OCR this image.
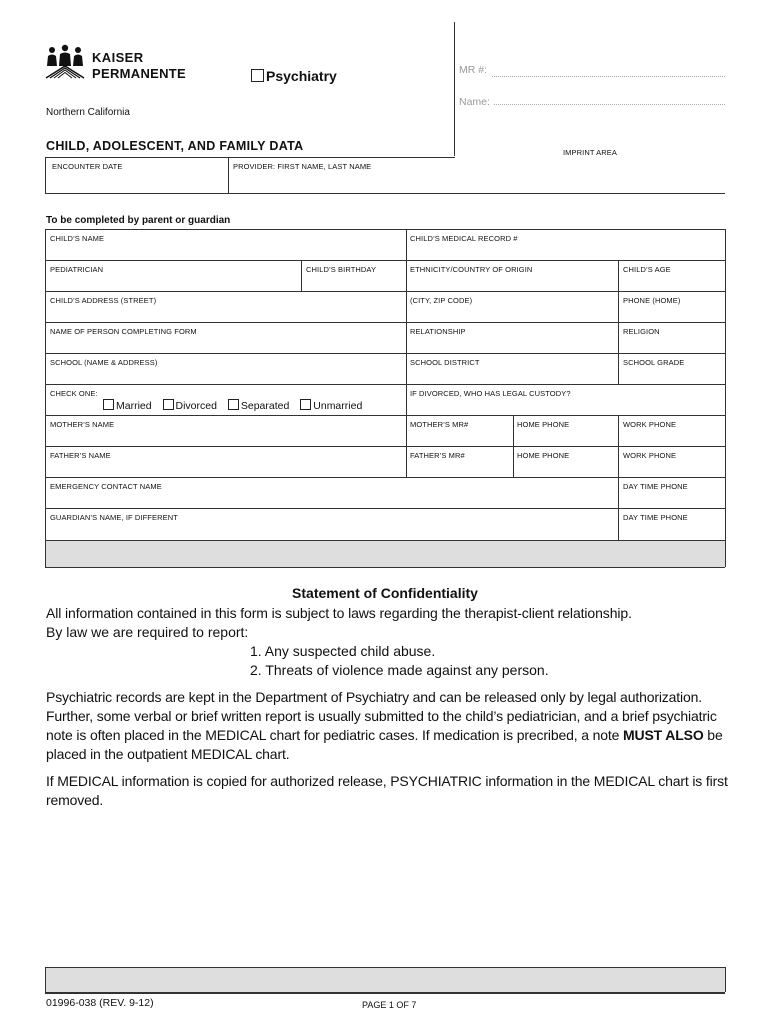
KAISER
PERMANENTE
Northern California
Psychiatry	MR #:
Name:
CHILD, ADOLESCENT, AND FAMILY DATA	IMPRINT AREA
ENCOUNTER DATE	PROVIDER: FIRST NAME, LAST NAME
To be completed by parent or guardian
CHILD’S NAME	CHILD’S MEDICAL RECORD #
PEDIATRICIAN	CHILD’S BIRTHDAY	ETHNICITY/COUNTRY OF ORIGIN	CHILD’S AGE
CHILD’S ADDRESS (STREET)	(CITY, ZIP CODE)	PHONE (HOME)
NAME OF PERSON COMPLETING FORM	RELATIONSHIP	RELIGION
SCHOOL (NAME & ADDRESS)	SCHOOL DISTRICT	SCHOOL GRADE
CHECK ONE:	IF DIVORCED, WHO HAS LEGAL CUSTODY?
Married Divorced Separated Unmarried
MOTHER’S NAME	MOTHER’S MR#	HOME PHONE	WORK PHONE
FATHER’S NAME	FATHER’S MR#	HOME PHONE	WORK PHONE
EMERGENCY CONTACT NAME	DAY TIME PHONE
GUARDIAN’S NAME, IF DIFFERENT	DAY TIME PHONE
Statement of Confidentiality

All information contained in this form is subject to laws regarding the therapist-client relationship.

By law we are required to report:

1. Any suspected child abuse.

2. Threats of violence made against any person.

Psychiatric records are kept in the Department of Psychiatry and can be released only by legal authorization. Further, some verbal or brief written report is usually submitted to the child’s pediatrician, and a brief psychiatric note is often placed in the MEDICAL chart for pediatric cases. If medication is precribed, a note MUST ALSO be placed in the outpatient MEDICAL chart.

If MEDICAL information is copied for authorized release, PSYCHIATRIC information in the MEDICAL chart is first removed.

01996-038 (REV. 9-12)	PAGE 1 OF 7
